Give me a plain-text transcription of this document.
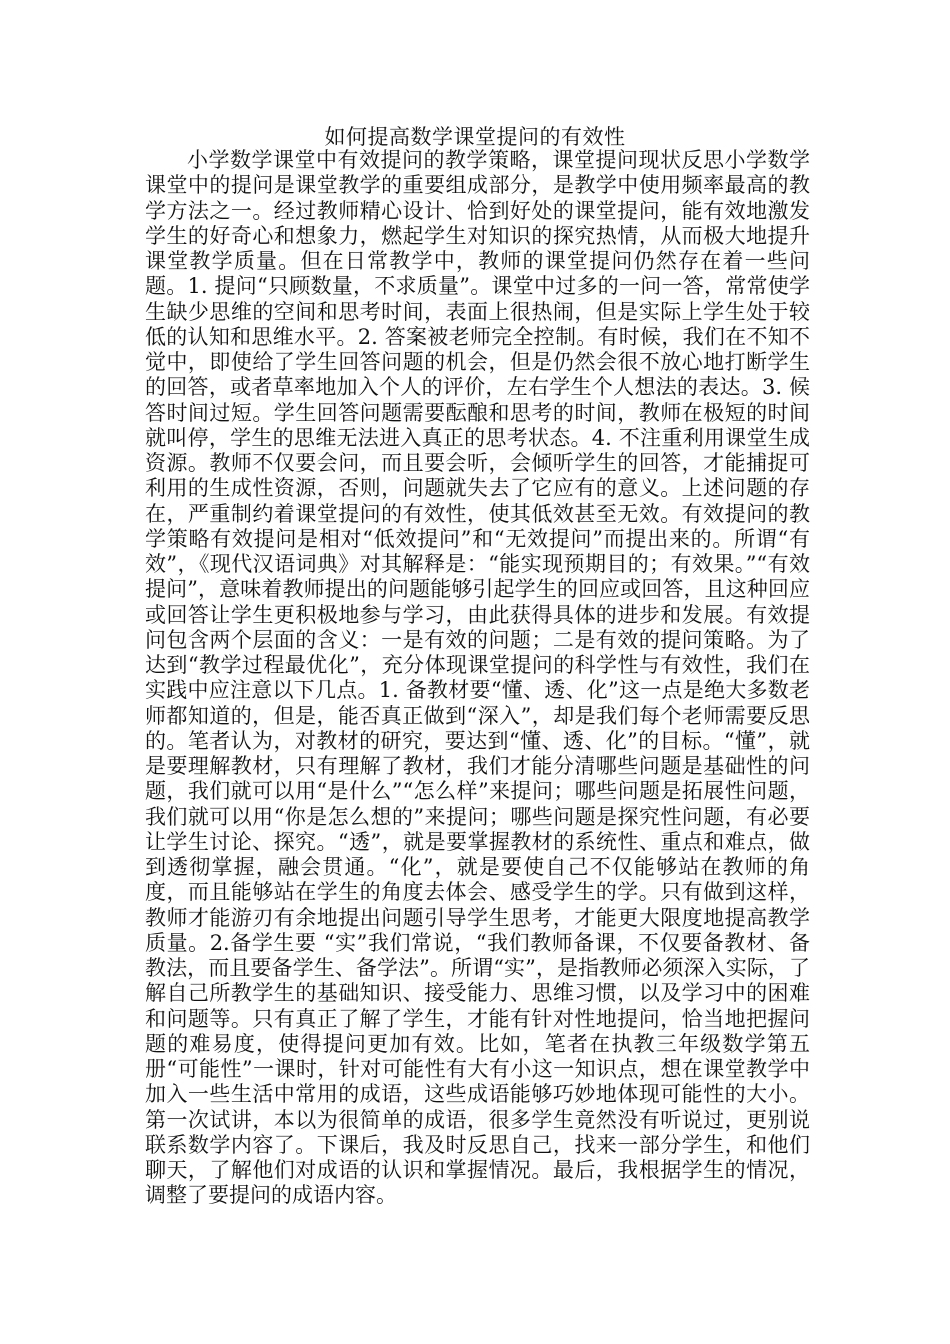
如何提高数学课堂提问的有效性

小学数学课堂中有效提问的教学策略，课堂提问现状反思小学数学课堂中的提问是课堂教学的重要组成部分，是教学中使用频率最高的教学方法之一。经过教师精心设计、恰到好处的课堂提问，能有效地激发学生的好奇心和想象力，燃起学生对知识的探究热情，从而极大地提升课堂教学质量。但在日常教学中，教师的课堂提问仍然存在着一些问题。1. 提问“只顾数量，不求质量”。课堂中过多的一问一答，常常使学生缺少思维的空间和思考时间，表面上很热闹，但是实际上学生处于较低的认知和思维水平。2. 答案被老师完全控制。有时候，我们在不知不觉中，即使给了学生回答问题的机会，但是仍然会很不放心地打断学生的回答，或者草率地加入个人的评价，左右学生个人想法的表达。3. 候答时间过短。学生回答问题需要酝酿和思考的时间，教师在极短的时间就叫停，学生的思维无法进入真正的思考状态。4. 不注重利用课堂生成资源。教师不仅要会问，而且要会听，会倾听学生的回答，才能捕捉可利用的生成性资源，否则，问题就失去了它应有的意义。上述问题的存在，严重制约着课堂提问的有效性，使其低效甚至无效。有效提问的教学策略有效提问是相对“低效提问”和“无效提问”而提出来的。所谓“有效”，《现代汉语词典》对其解释是：“能实现预期目的；有效果。”“有效提问”，意味着教师提出的问题能够引起学生的回应或回答，且这种回应或回答让学生更积极地参与学习，由此获得具体的进步和发展。有效提问包含两个层面的含义：一是有效的问题；二是有效的提问策略。为了达到“教学过程最优化”，充分体现课堂提问的科学性与有效性，我们在实践中应注意以下几点。1. 备教材要“懂、透、化”这一点是绝大多数老师都知道的，但是，能否真正做到“深入”，却是我们每个老师需要反思的。笔者认为，对教材的研究，要达到“懂、透、化”的目标。“懂”，就是要理解教材，只有理解了教材，我们才能分清哪些问题是基础性的问题，我们就可以用“是什么”“怎么样”来提问；哪些问题是拓展性问题，我们就可以用“你是怎么想的”来提问；哪些问题是探究性问题，有必要让学生讨论、探究。“透”，就是要掌握教材的系统性、重点和难点，做到透彻掌握，融会贯通。“化”，就是要使自己不仅能够站在教师的角度，而且能够站在学生的角度去体会、感受学生的学。只有做到这样，教师才能游刃有余地提出问题引导学生思考，才能更大限度地提高教学质量。2.备学生要 “实”我们常说，“我们教师备课，不仅要备教材、备教法，而且要备学生、备学法”。所谓“实”，是指教师必须深入实际，了解自己所教学生的基础知识、接受能力、思维习惯，以及学习中的困难和问题等。只有真正了解了学生，才能有针对性地提问，恰当地把握问题的难易度，使得提问更加有效。比如，笔者在执教三年级数学第五册“可能性”一课时，针对可能性有大有小这一知识点，想在课堂教学中加入一些生活中常用的成语，这些成语能够巧妙地体现可能性的大小。第一次试讲，本以为很简单的成语，很多学生竟然没有听说过，更别说联系数学内容了。下课后，我及时反思自己，找来一部分学生，和他们聊天，了解他们对成语的认识和掌握情况。最后，我根据学生的情况，调整了要提问的成语内容。
